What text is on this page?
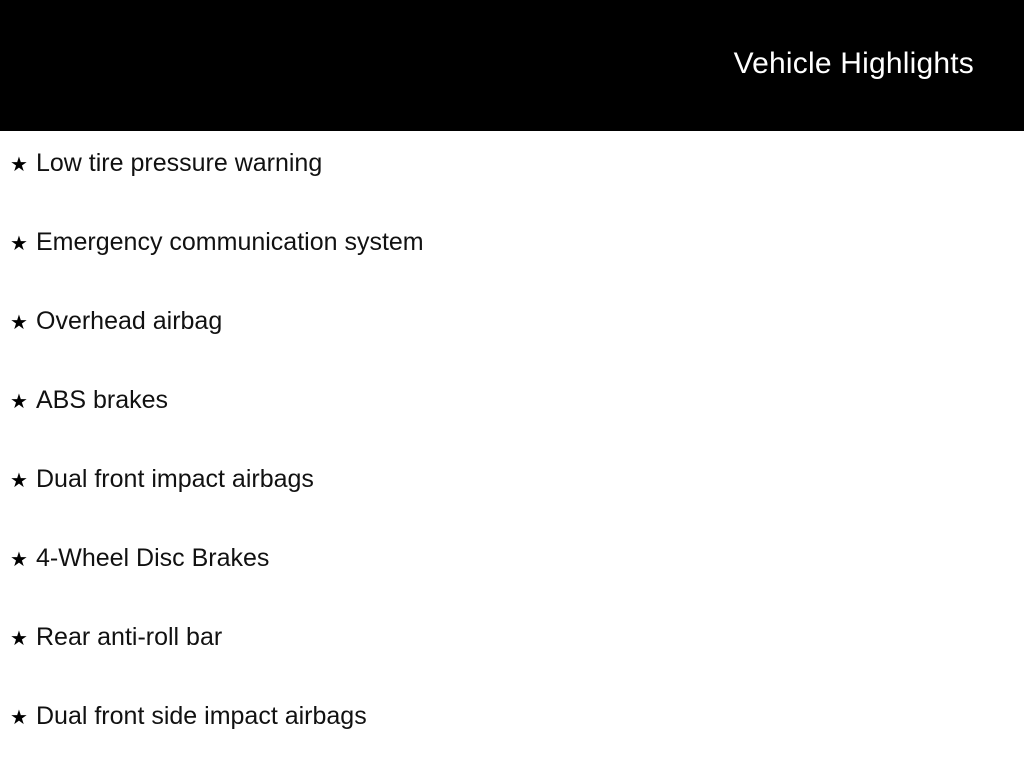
Vehicle Highlights
★ Low tire pressure warning
★ Emergency communication system
★ Overhead airbag
★ ABS brakes
★ Dual front impact airbags
★ 4-Wheel Disc Brakes
★ Rear anti-roll bar
★ Dual front side impact airbags
